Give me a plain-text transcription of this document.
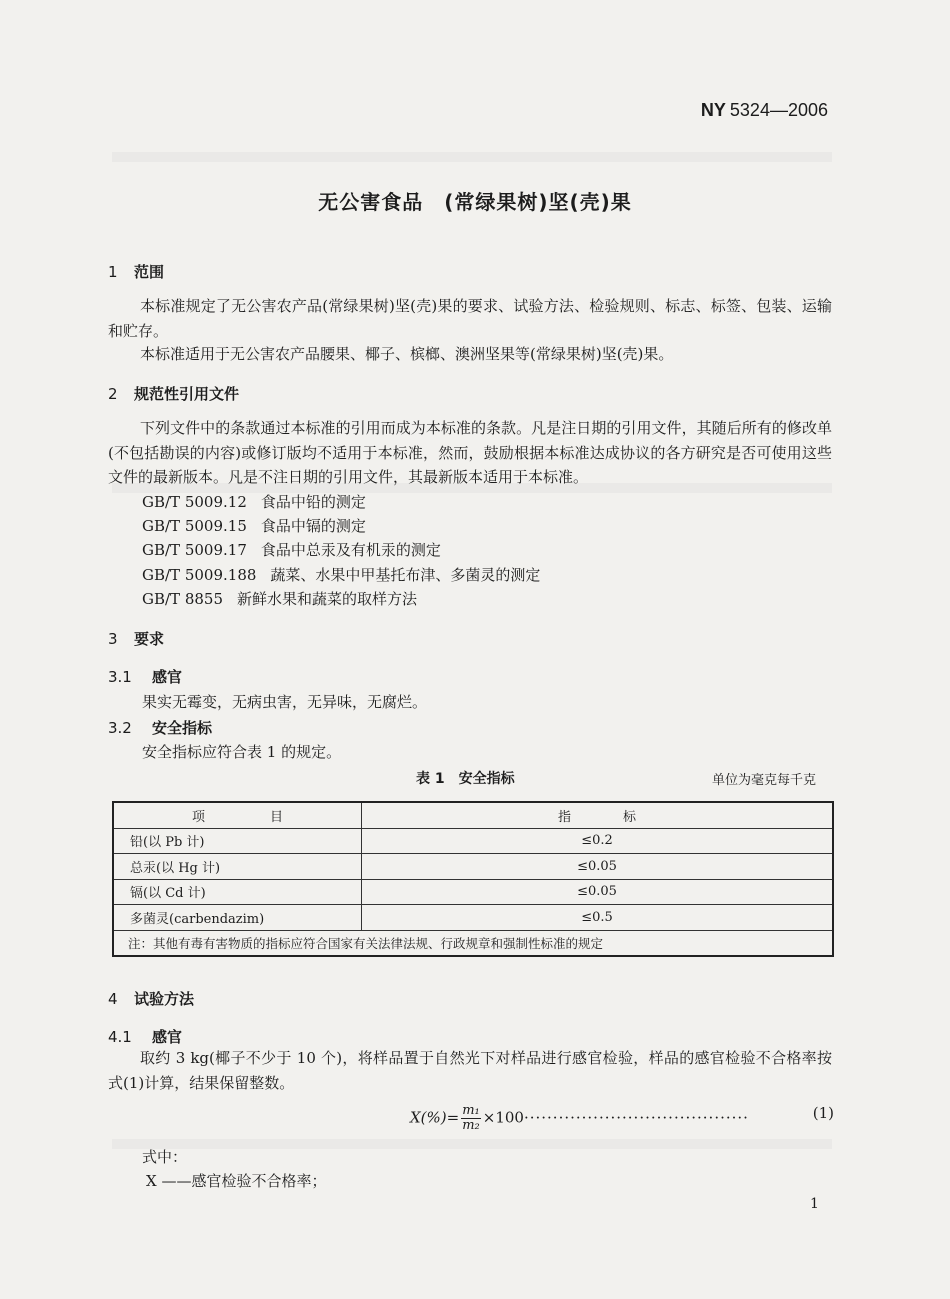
NY 5324—2006
无公害食品　(常绿果树)坚(壳)果
1 范围
本标准规定了无公害农产品(常绿果树)坚(壳)果的要求、试验方法、检验规则、标志、标签、包装、运输和贮存。
本标准适用于无公害农产品腰果、椰子、槟榔、澳洲坚果等(常绿果树)坚(壳)果。
2 规范性引用文件
下列文件中的条款通过本标准的引用而成为本标准的条款。凡是注日期的引用文件，其随后所有的修改单(不包括勘误的内容)或修订版均不适用于本标准，然而，鼓励根据本标准达成协议的各方研究是否可使用这些文件的最新版本。凡是不注日期的引用文件，其最新版本适用于本标准。
GB/T 5009.12 食品中铅的测定
GB/T 5009.15 食品中镉的测定
GB/T 5009.17 食品中总汞及有机汞的测定
GB/T 5009.188 蔬菜、水果中甲基托布津、多菌灵的测定
GB/T 8855 新鲜水果和蔬菜的取样方法
3 要求
3.1 感官
果实无霉变，无病虫害，无异味，无腐烂。
3.2 安全指标
安全指标应符合表 1 的规定。
表 1　安全指标	单位为毫克每千克
项　　　　　目	指　　　　标
铅(以 Pb 计)	≤0.2
总汞(以 Hg 计)	≤0.05
镉(以 Cd 计)	≤0.05
多菌灵(carbendazim)	≤0.5
注：其他有毒有害物质的指标应符合国家有关法律法规、行政规章和强制性标准的规定	
4 试验方法
4.1 感官
取约 3 kg(椰子不少于 10 个)，将样品置于自然光下对样品进行感官检验，样品的感官检验不合格率按式(1)计算，结果保留整数。
$X(\%)= \frac{\text{m₁}}{\text{m₂}} \times 100\cdot\cdot\cdot\cdot\cdot\cdot\cdot\cdot\cdot\cdot\cdot\cdot\cdot\cdot\cdot\cdot\cdot\cdot\cdot\cdot\cdot\cdot\cdot\cdot\cdot\cdot\cdot\cdot\cdot\cdot\cdot\cdot\cdot\cdot\cdot\cdot\cdot\cdot\cdot$	(1)
式中：
X ——感官检验不合格率；
1
